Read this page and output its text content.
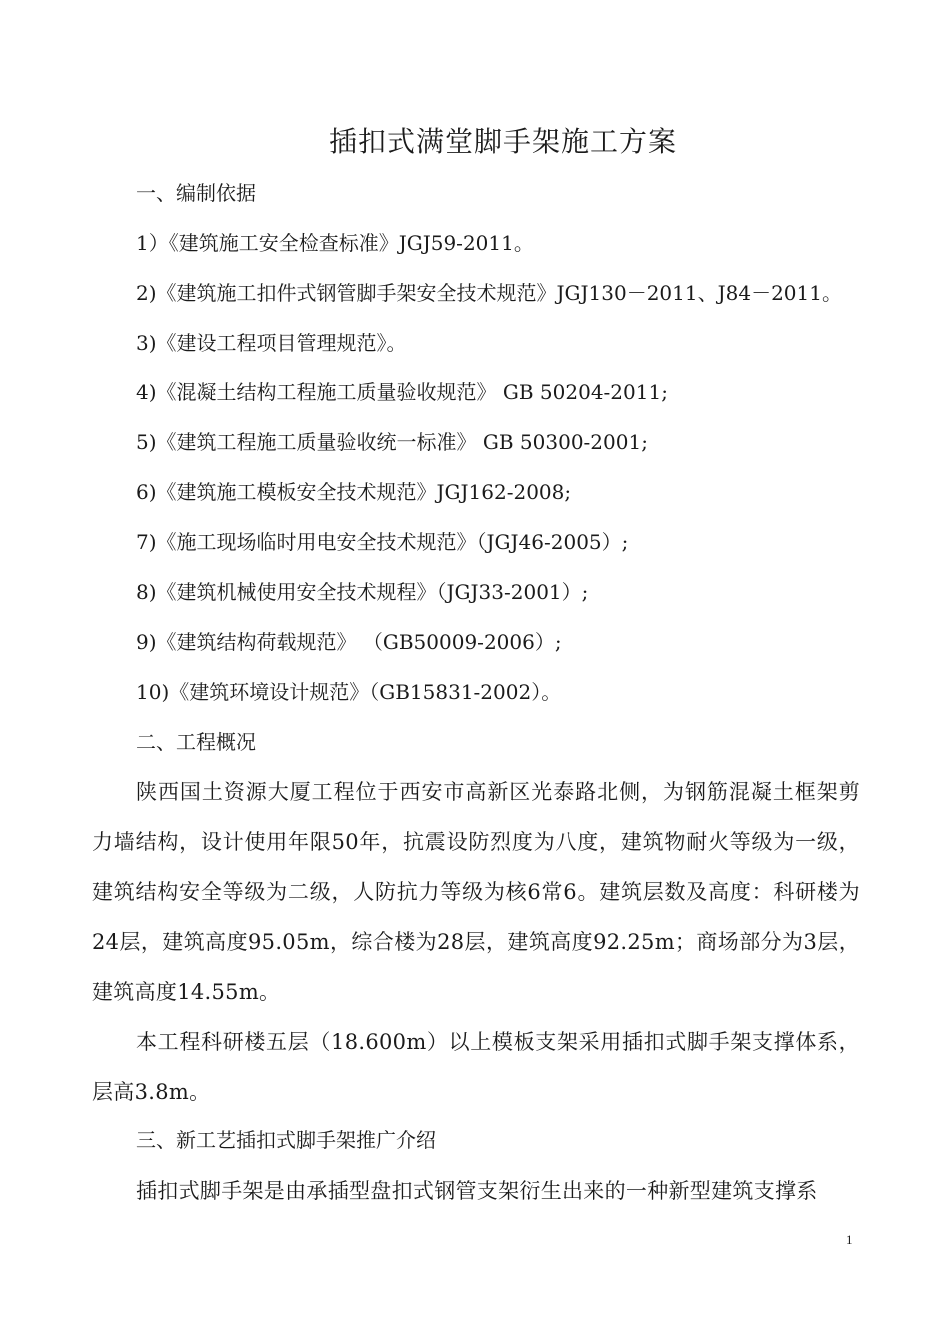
插扣式满堂脚手架施工方案
一、编制依据
1）《建筑施工安全检查标准》JGJ59-2011。
2)《建筑施工扣件式钢管脚手架安全技术规范》JGJ130－2011、J84－2011。
3)《建设工程项目管理规范》。
4)《混凝土结构工程施工质量验收规范》 GB 50204-2011;
5)《建筑工程施工质量验收统一标准》 GB 50300-2001;
6)《建筑施工模板安全技术规范》JGJ162-2008;
7)《施工现场临时用电安全技术规范》（JGJ46-2005）;
8)《建筑机械使用安全技术规程》（JGJ33-2001）;
9)《建筑结构荷载规范》 （GB50009-2006）;
10)《建筑环境设计规范》（GB15831-2002）。
二、工程概况
陕西国土资源大厦工程位于西安市高新区光泰路北侧，为钢筋混凝土框架剪力墙结构，设计使用年限50年，抗震设防烈度为八度，建筑物耐火等级为一级，建筑结构安全等级为二级，人防抗力等级为核6常6。建筑层数及高度：科研楼为24层，建筑高度95.05m，综合楼为28层，建筑高度92.25m；商场部分为3层，建筑高度14.55m。
本工程科研楼五层（18.600m）以上模板支架采用插扣式脚手架支撑体系，层高3.8m。
三、新工艺插扣式脚手架推广介绍
插扣式脚手架是由承插型盘扣式钢管支架衍生出来的一种新型建筑支撑系
1
